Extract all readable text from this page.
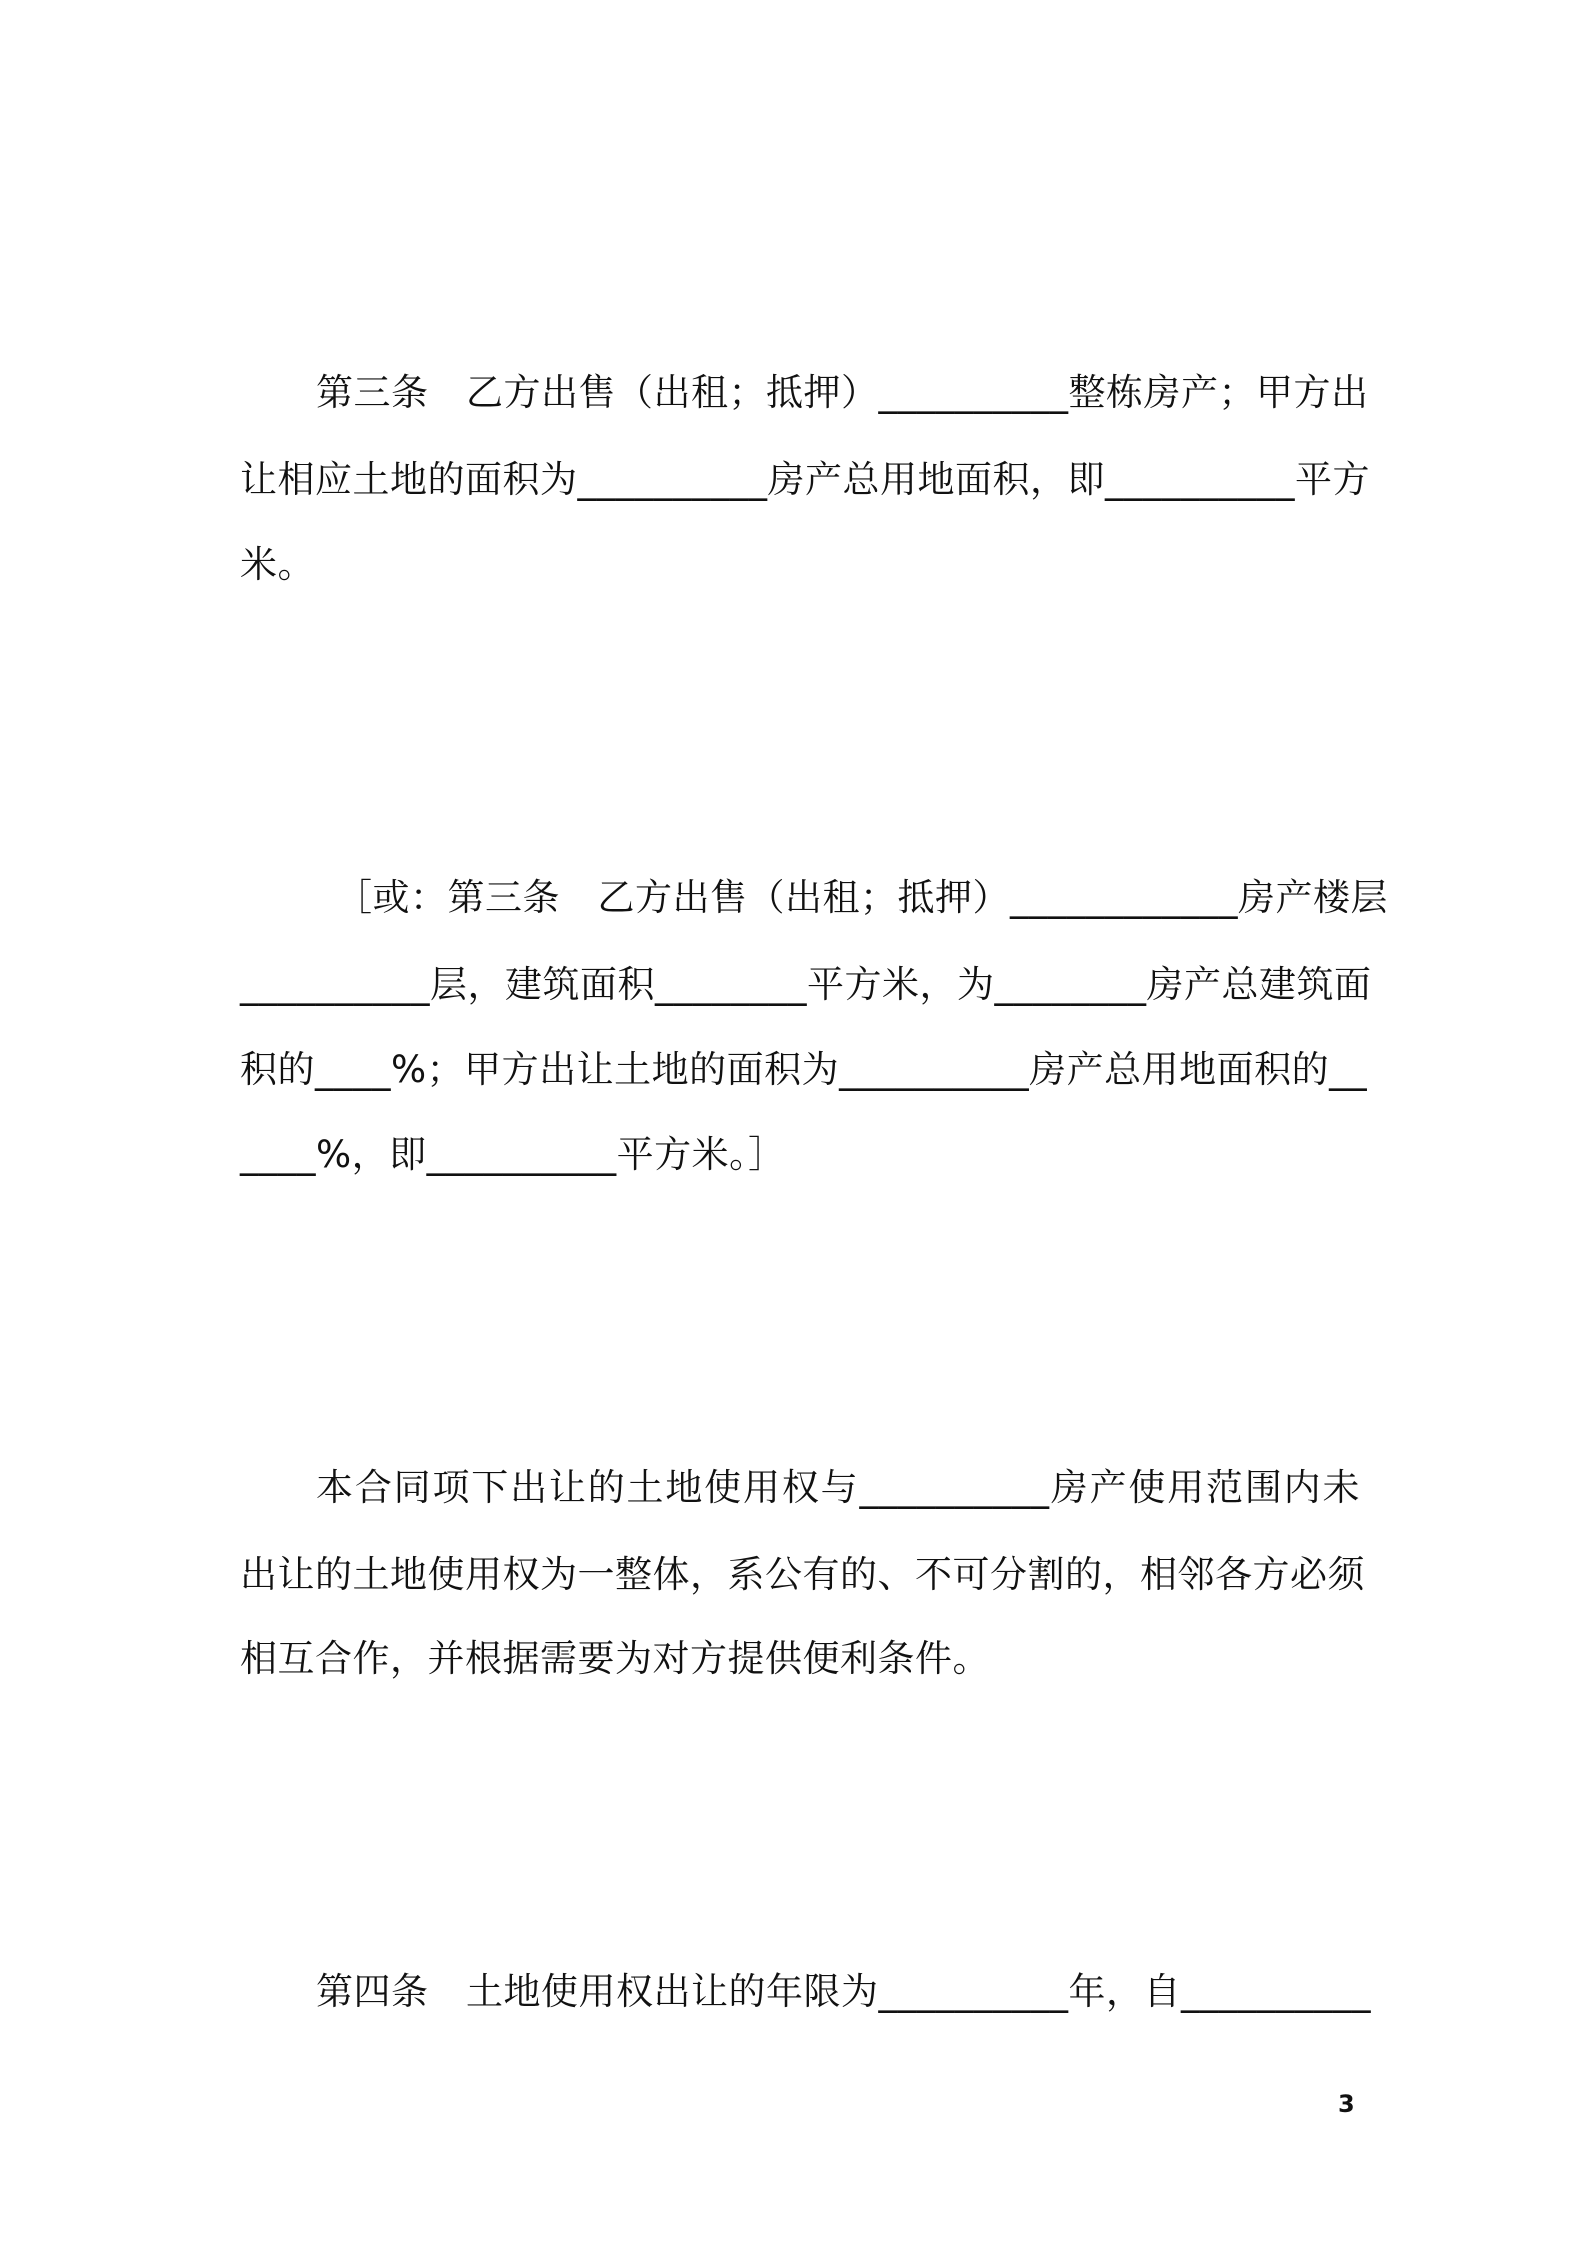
第三条　乙方出售（出租；抵押）__________整栋房产；甲方出
让相应土地的面积为__________房产总用地面积，即__________平方
米。
［或：第三条　乙方出售（出租；抵押）____________房产楼层
__________层，建筑面积________平方米，为________房产总建筑面
积的____%；甲方出让土地的面积为__________房产总用地面积的__
____%，即__________平方米。］
本合同项下出让的土地使用权与__________房产使用范围内未
出让的土地使用权为一整体，系公有的、不可分割的，相邻各方必须
相互合作，并根据需要为对方提供便利条件。
第四条　土地使用权出让的年限为__________年，自__________
3
